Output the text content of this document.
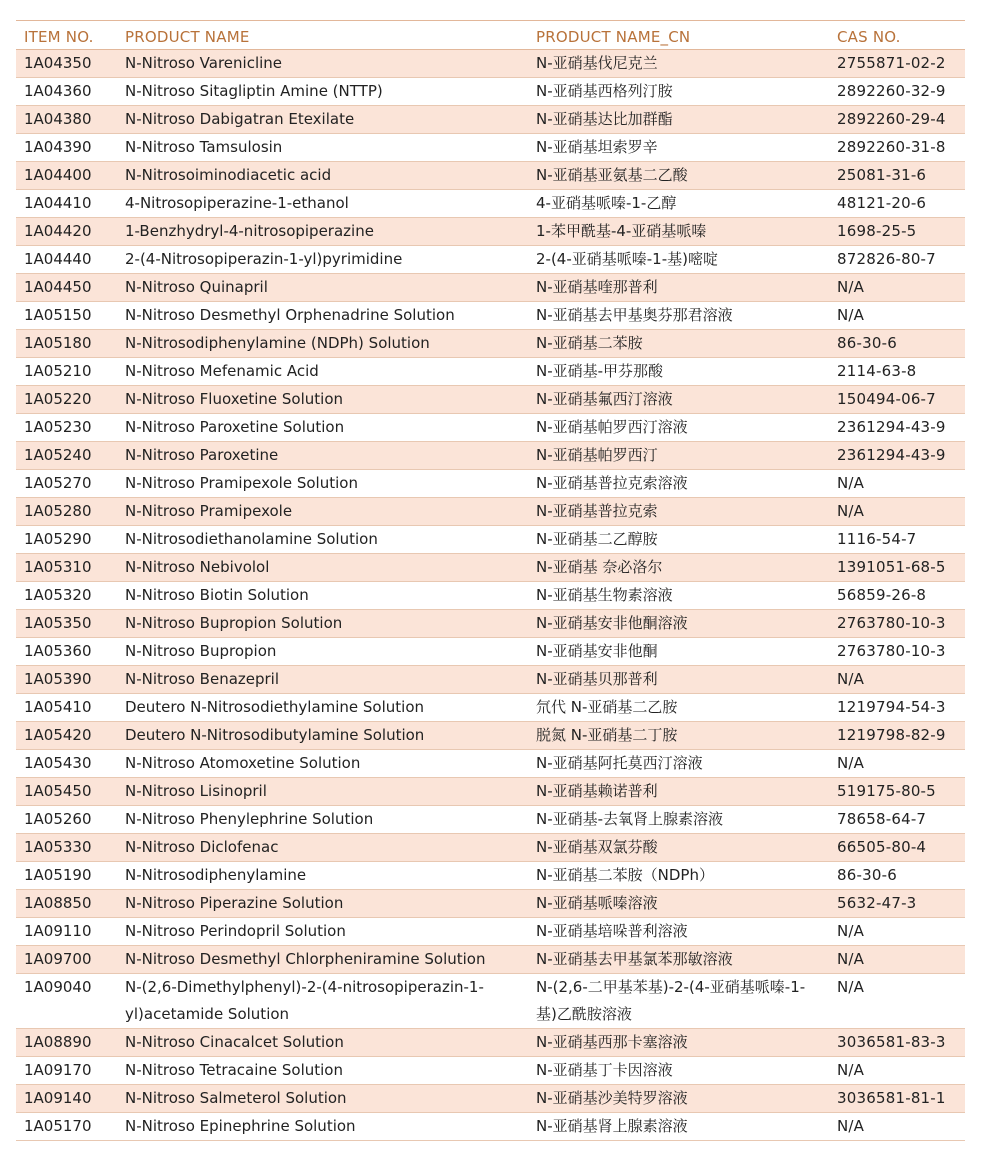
ITEM NO.	PRODUCT NAME	PRODUCT NAME_CN	CAS NO.
1A04350	N-Nitroso Varenicline	N-亚硝基伐尼克兰	2755871-02-2
1A04360	N-Nitroso Sitagliptin Amine (NTTP)	N-亚硝基西格列汀胺	2892260-32-9
1A04380	N-Nitroso Dabigatran Etexilate	N-亚硝基达比加群酯	2892260-29-4
1A04390	N-Nitroso Tamsulosin	N-亚硝基坦索罗辛	2892260-31-8
1A04400	N-Nitrosoiminodiacetic acid	N-亚硝基亚氨基二乙酸	25081-31-6
1A04410	4-Nitrosopiperazine-1-ethanol	4-亚硝基哌嗪-1-乙醇	48121-20-6
1A04420	1-Benzhydryl-4-nitrosopiperazine	1-苯甲酰基-4-亚硝基哌嗪	1698-25-5
1A04440	2-(4-Nitrosopiperazin-1-yl)pyrimidine	2-(4-亚硝基哌嗪-1-基)嘧啶	872826-80-7
1A04450	N-Nitroso Quinapril	N-亚硝基喹那普利	N/A
1A05150	N-Nitroso Desmethyl Orphenadrine Solution	N-亚硝基去甲基奥芬那君溶液	N/A
1A05180	N-Nitrosodiphenylamine (NDPh) Solution	N-亚硝基二苯胺	86-30-6
1A05210	N-Nitroso Mefenamic Acid	N-亚硝基-甲芬那酸	2114-63-8
1A05220	N-Nitroso Fluoxetine Solution	N-亚硝基氟西汀溶液	150494-06-7
1A05230	N-Nitroso Paroxetine Solution	N-亚硝基帕罗西汀溶液	2361294-43-9
1A05240	N-Nitroso Paroxetine	N-亚硝基帕罗西汀	2361294-43-9
1A05270	N-Nitroso Pramipexole Solution	N-亚硝基普拉克索溶液	N/A
1A05280	N-Nitroso Pramipexole	N-亚硝基普拉克索	N/A
1A05290	N-Nitrosodiethanolamine Solution	N-亚硝基二乙醇胺	1116-54-7
1A05310	N-Nitroso Nebivolol	N-亚硝基 奈必洛尔	1391051-68-5
1A05320	N-Nitroso Biotin Solution	N-亚硝基生物素溶液	56859-26-8
1A05350	N-Nitroso Bupropion Solution	N-亚硝基安非他酮溶液	2763780-10-3
1A05360	N-Nitroso Bupropion	N-亚硝基安非他酮	2763780-10-3
1A05390	N-Nitroso Benazepril	N-亚硝基贝那普利	N/A
1A05410	Deutero N-Nitrosodiethylamine Solution	氘代 N-亚硝基二乙胺	1219794-54-3
1A05420	Deutero N-Nitrosodibutylamine Solution	脱氮 N-亚硝基二丁胺	1219798-82-9
1A05430	N-Nitroso Atomoxetine Solution	N-亚硝基阿托莫西汀溶液	N/A
1A05450	N-Nitroso Lisinopril	N-亚硝基赖诺普利	519175-80-5
1A05260	N-Nitroso Phenylephrine Solution	N-亚硝基-去氧肾上腺素溶液	78658-64-7
1A05330	N-Nitroso Diclofenac	N-亚硝基双氯芬酸	66505-80-4
1A05190	N-Nitrosodiphenylamine	N-亚硝基二苯胺（NDPh）	86-30-6
1A08850	N-Nitroso Piperazine Solution	N-亚硝基哌嗪溶液	5632-47-3
1A09110	N-Nitroso Perindopril Solution	N-亚硝基培哚普利溶液	N/A
1A09700	N-Nitroso Desmethyl Chlorpheniramine Solution	N-亚硝基去甲基氯苯那敏溶液	N/A
1A09040	N-(2,6-Dimethylphenyl)-2-(4-nitrosopiperazin-1-yl)acetamide Solution	N-(2,6-二甲基苯基)-2-(4-亚硝基哌嗪-1-基)乙酰胺溶液	N/A
1A08890	N-Nitroso Cinacalcet Solution	N-亚硝基西那卡塞溶液	3036581-83-3
1A09170	N-Nitroso Tetracaine Solution	N-亚硝基丁卡因溶液	N/A
1A09140	N-Nitroso Salmeterol Solution	N-亚硝基沙美特罗溶液	3036581-81-1
1A05170	N-Nitroso Epinephrine Solution	N-亚硝基肾上腺素溶液	N/A
